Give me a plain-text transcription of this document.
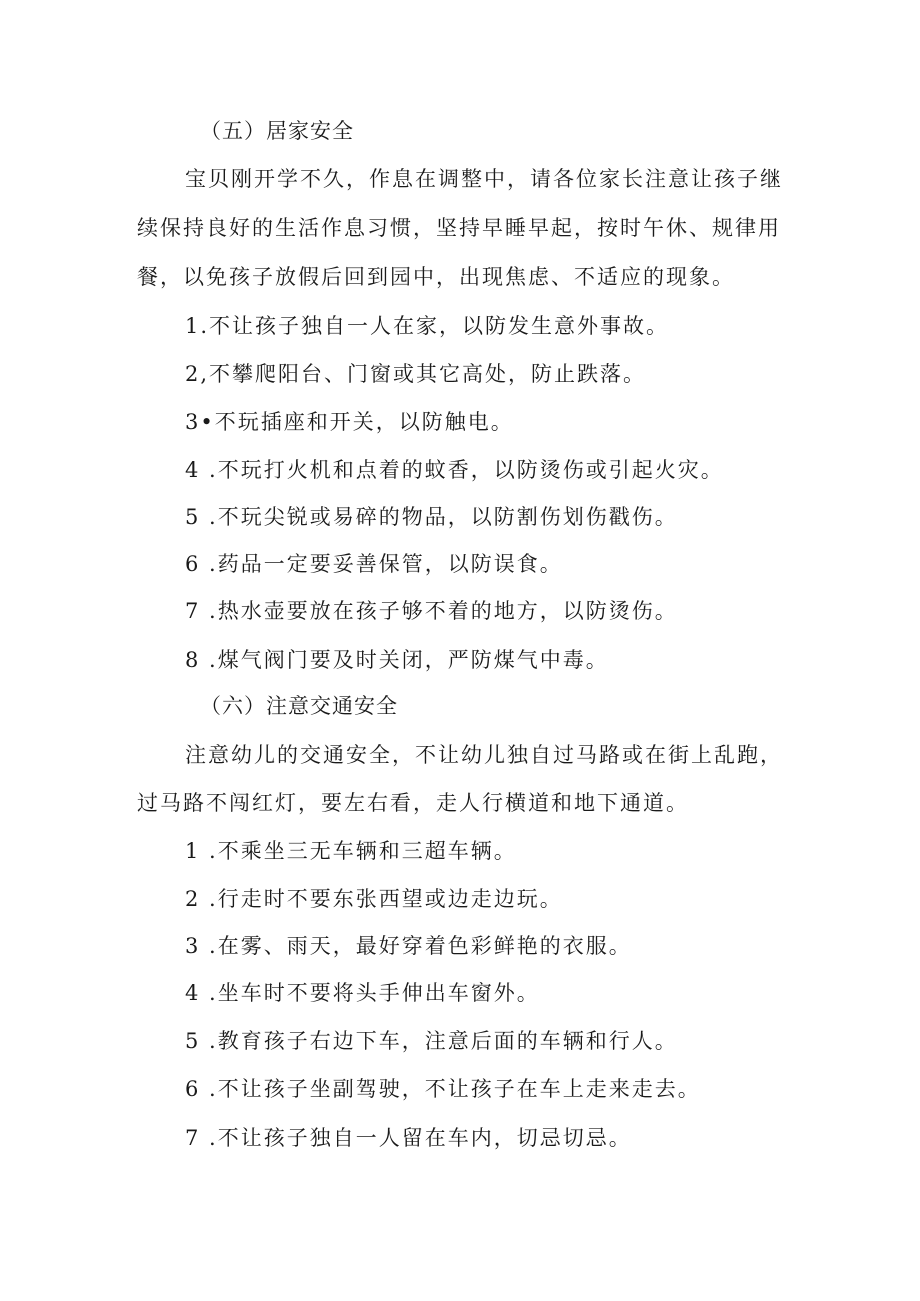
（五）居家安全
宝贝刚开学不久，作息在调整中，请各位家长注意让孩子继
续保持良好的生活作息习惯，坚持早睡早起，按时午休、规律用
餐，以免孩子放假后回到园中，出现焦虑、不适应的现象。
1.不让孩子独自一人在家，以防发生意外事故。
2,不攀爬阳台、门窗或其它高处，防止跌落。
3•不玩插座和开关，以防触电。
4 .不玩打火机和点着的蚊香，以防烫伤或引起火灾。
5 .不玩尖锐或易碎的物品，以防割伤划伤戳伤。
6 .药品一定要妥善保管，以防误食。
7 .热水壶要放在孩子够不着的地方，以防烫伤。
8 .煤气阀门要及时关闭，严防煤气中毒。
（六）注意交通安全
注意幼儿的交通安全，不让幼儿独自过马路或在街上乱跑，
过马路不闯红灯，要左右看，走人行横道和地下通道。
1 .不乘坐三无车辆和三超车辆。
2 .行走时不要东张西望或边走边玩。
3 .在雾、雨天，最好穿着色彩鲜艳的衣服。
4 .坐车时不要将头手伸出车窗外。
5 .教育孩子右边下车，注意后面的车辆和行人。
6 .不让孩子坐副驾驶，不让孩子在车上走来走去。
7 .不让孩子独自一人留在车内，切忌切忌。
